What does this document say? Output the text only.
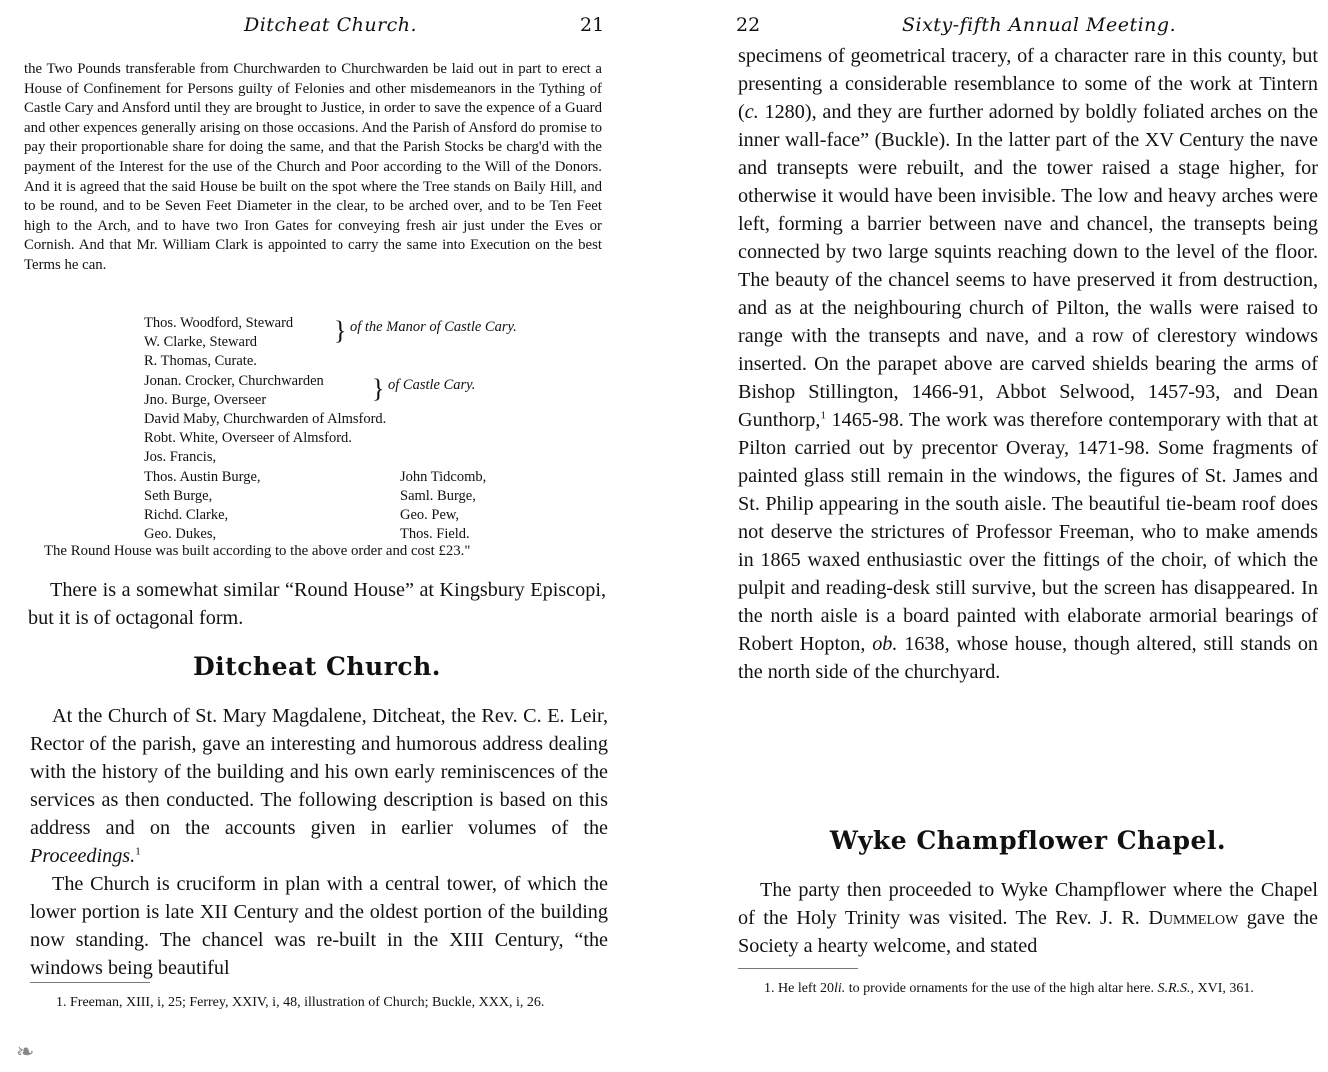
Ditcheat Church.	21

the Two Pounds transferable from Churchwarden to Churchwarden be laid out in part to erect a House of Confinement for Persons guilty of Felonies and other misdemeanors in the Tything of Castle Cary and Ansford until they are brought to Justice, in order to save the expence of a Guard and other expences generally arising on those occasions. And the Parish of Ansford do promise to pay their proportionable share for doing the same, and that the Parish Stocks be charg'd with the payment of the Interest for the use of the Church and Poor according to the Will of the Donors. And it is agreed that the said House be built on the spot where the Tree stands on Baily Hill, and to be round, and to be Seven Feet Diameter in the clear, to be arched over, and to be Ten Feet high to the Arch, and to have two Iron Gates for conveying fresh air just under the Eves or Cornish. And that Mr. William Clark is appointed to carry the same into Execution on the best Terms he can.

Thos. Woodford, Steward
W. Clarke, Steward	} of the Manor of Castle Cary.
R. Thomas, Curate.
Jonan. Crocker, Churchwarden
Jno. Burge, Overseer	} of Castle Cary.
David Maby, Churchwarden of Almsford.
Robt. White, Overseer of Almsford.
Jos. Francis,
Thos. Austin Burge,	John Tidcomb,
Seth Burge,	Saml. Burge,
Richd. Clarke,	Geo. Pew,
Geo. Dukes,	Thos. Field.

The Round House was built according to the above order and cost £23."

There is a somewhat similar “Round House” at Kingsbury Episcopi, but it is of octagonal form.

Ditcheat Church.

At the Church of St. Mary Magdalene, Ditcheat, the Rev. C. E. Leir, Rector of the parish, gave an interesting and humorous address dealing with the history of the building and his own early reminiscences of the services as then conducted. The following description is based on this address and on the accounts given in earlier volumes of the Proceedings.$^1$

The Church is cruciform in plan with a central tower, of which the lower portion is late XII Century and the oldest portion of the building now standing. The chancel was re-built in the XIII Century, “the windows being beautiful

1. Freeman, XIII, i, 25; Ferrey, XXIV, i, 48, illustration of Church; Buckle, XXX, i, 26.

❧
22	Sixty-fifth Annual Meeting.

specimens of geometrical tracery, of a character rare in this county, but presenting a considerable resemblance to some of the work at Tintern (c. 1280), and they are further adorned by boldly foliated arches on the inner wall-face” (Buckle). In the latter part of the XV Century the nave and transepts were rebuilt, and the tower raised a stage higher, for otherwise it would have been invisible. The low and heavy arches were left, forming a barrier between nave and chancel, the transepts being connected by two large squints reaching down to the level of the floor. The beauty of the chancel seems to have preserved it from destruction, and as at the neighbouring church of Pilton, the walls were raised to range with the transepts and nave, and a row of clerestory windows inserted. On the parapet above are carved shields bearing the arms of Bishop Stillington, 1466-91, Abbot Selwood, 1457-93, and Dean Gunthorp,$^1$ 1465-98. The work was therefore contemporary with that at Pilton carried out by precentor Overay, 1471-98. Some fragments of painted glass still remain in the windows, the figures of St. James and St. Philip appearing in the south aisle. The beautiful tie-beam roof does not deserve the strictures of Professor Freeman, who to make amends in 1865 waxed enthusiastic over the fittings of the choir, of which the pulpit and reading-desk still survive, but the screen has disappeared. In the north aisle is a board painted with elaborate armorial bearings of Robert Hopton, ob. 1638, whose house, though altered, still stands on the north side of the churchyard.

Wyke Champflower Chapel.

The party then proceeded to Wyke Champflower where the Chapel of the Holy Trinity was visited. The Rev. J. R. Dummelow gave the Society a hearty welcome, and stated

1. He left 20li. to provide ornaments for the use of the high altar here. S.R.S., XVI, 361.
